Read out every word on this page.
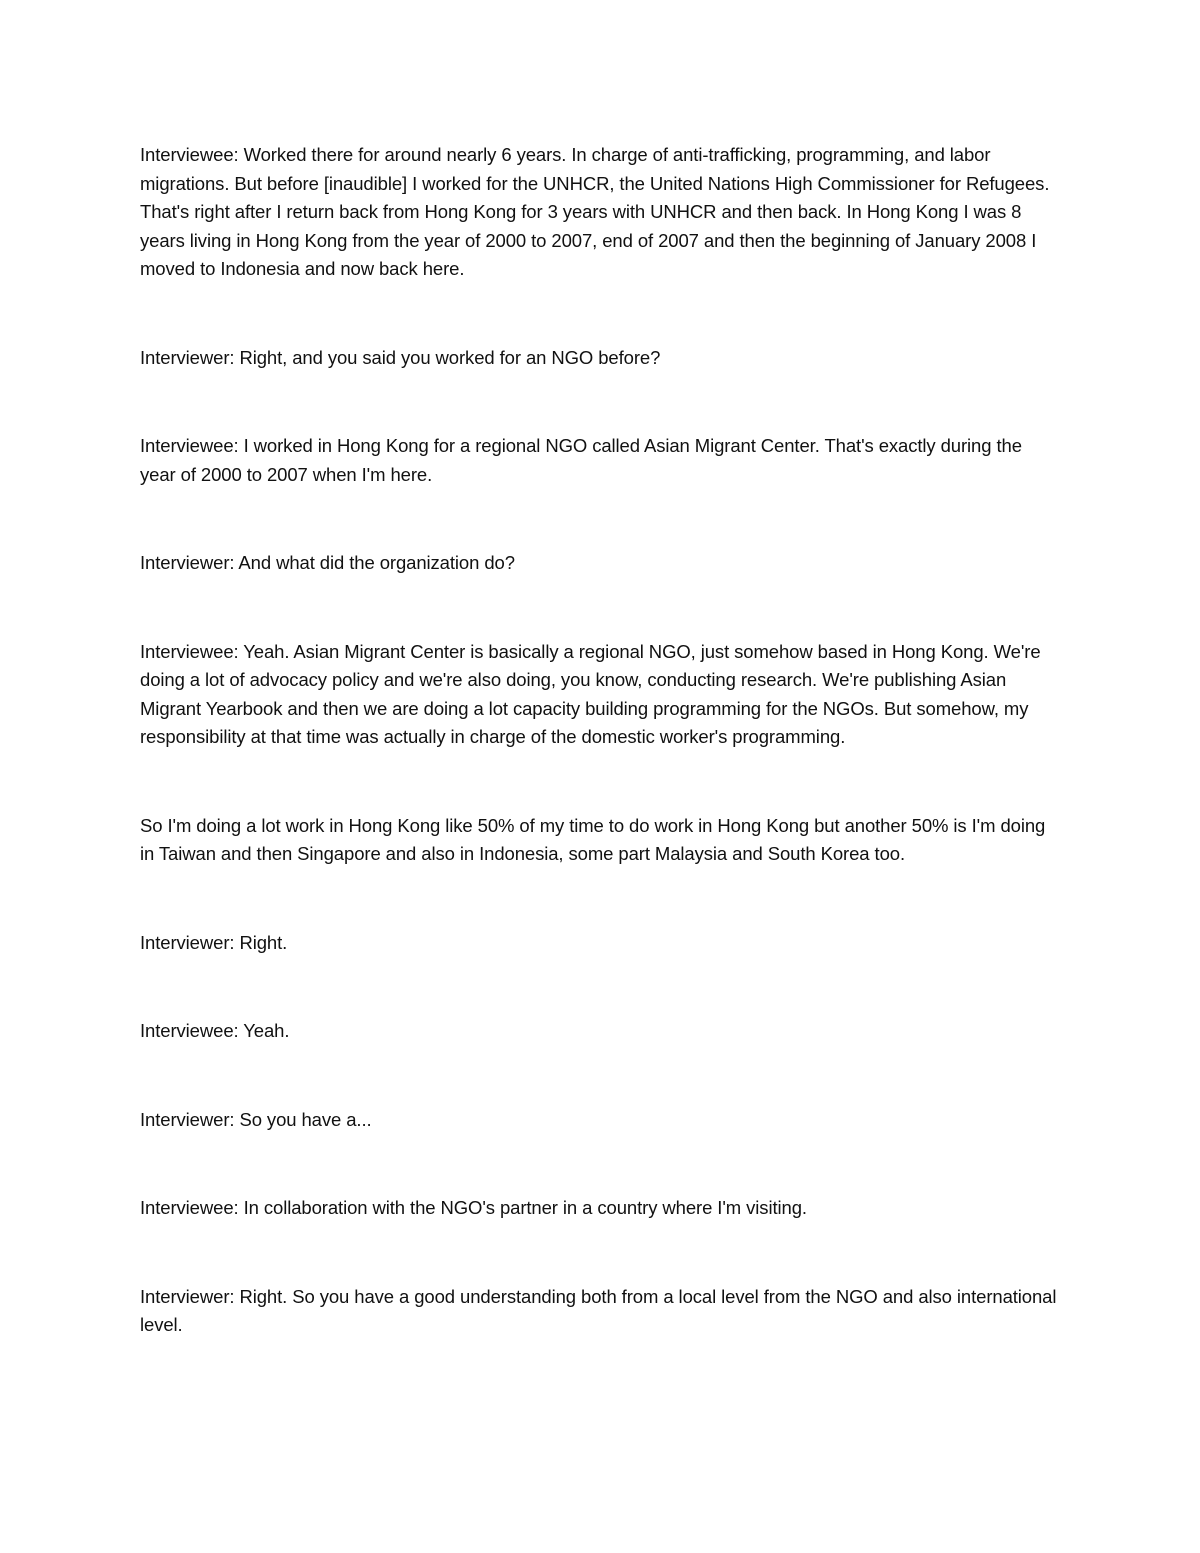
Interviewee: Worked there for around nearly 6 years. In charge of anti-trafficking, programming, and labor migrations. But before [inaudible] I worked for the UNHCR, the United Nations High Commissioner for Refugees. That's right after I return back from Hong Kong for 3 years with UNHCR and then back. In Hong Kong I was 8 years living in Hong Kong from the year of 2000 to 2007, end of 2007 and then the beginning of January 2008 I moved to Indonesia and now back here.

Interviewer: Right, and you said you worked for an NGO before?

Interviewee: I worked in Hong Kong for a regional NGO called Asian Migrant Center. That's exactly during the year of 2000 to 2007 when I'm here.

Interviewer: And what did the organization do?

Interviewee: Yeah. Asian Migrant Center is basically a regional NGO, just somehow based in Hong Kong. We're doing a lot of advocacy policy and we're also doing, you know, conducting research. We're publishing Asian Migrant Yearbook and then we are doing a lot capacity building programming for the NGOs. But somehow, my responsibility at that time was actually in charge of the domestic worker's programming.

So I'm doing a lot work in Hong Kong like 50% of my time to do work in Hong Kong but another 50% is I'm doing in Taiwan and then Singapore and also in Indonesia, some part Malaysia and South Korea too.

Interviewer: Right.

Interviewee: Yeah.

Interviewer: So you have a...

Interviewee: In collaboration with the NGO's partner in a country where I'm visiting.

Interviewer: Right. So you have a good understanding both from a local level from the NGO and also international level.
